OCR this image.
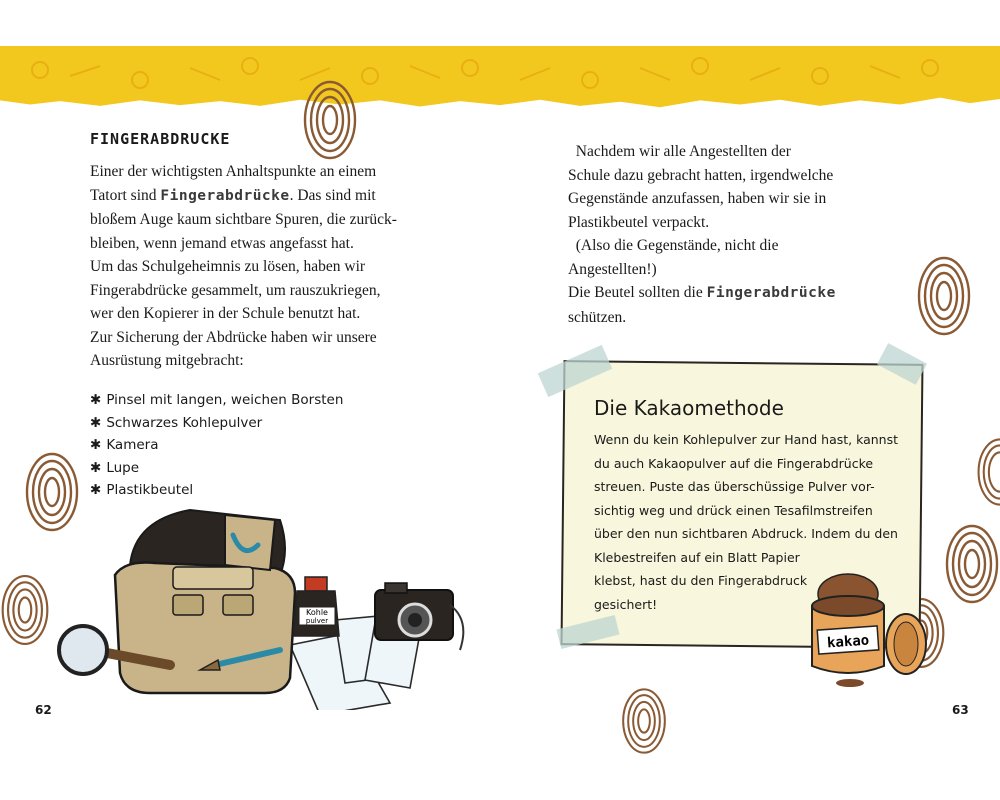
FINGERABDRUCKE
Einer der wichtigsten Anhaltspunkte an einem
Tatort sind Fingerabdrücke. Das sind mit
bloßem Auge kaum sichtbare Spuren, die zurück-
bleiben, wenn jemand etwas angefasst hat.
Um das Schulgeheimnis zu lösen, haben wir
Fingerabdrücke gesammelt, um rauszukriegen,
wer den Kopierer in der Schule benutzt hat.
Zur Sicherung der Abdrücke haben wir unsere
Ausrüstung mitgebracht:
✱ Pinsel mit langen, weichen Borsten
✱ Schwarzes Kohlepulver
✱ Kamera
✱ Lupe
✱ Plastikbeutel
Kohle
pulver
62
Nachdem wir alle Angestellten der
Schule dazu gebracht hatten, irgendwelche
Gegenstände anzufassen, haben wir sie in
Plastikbeutel verpackt.
(Also die Gegenstände, nicht die
Angestellten!)
Die Beutel sollten die Fingerabdrücke
schützen.
Die Kakaomethode
Wenn du kein Kohlepulver zur Hand hast, kannst
du auch Kakaopulver auf die Fingerabdrücke
streuen. Puste das überschüssige Pulver vor-
sichtig weg und drück einen Tesafilmstreifen
über den nun sichtbaren Abdruck. Indem du den
Klebestreifen auf ein Blatt Papier
klebst, hast du den Fingerabdruck
gesichert!
kakao
63
